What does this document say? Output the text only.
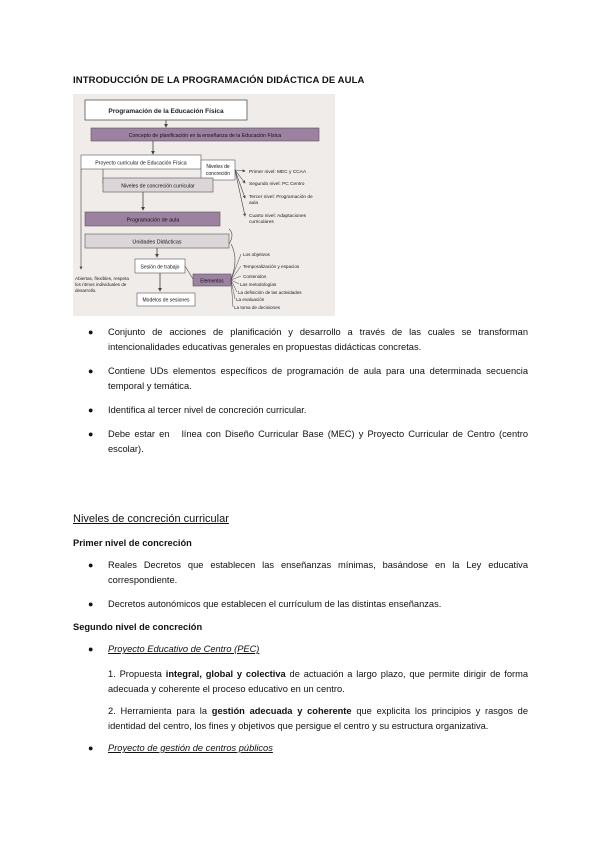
INTRODUCCIÓN DE LA PROGRAMACIÓN DIDÁCTICA DE AULA
Programación de la Educación Física
Concepto de planificación en la enseñanza de la Educación Física
Proyecto curricular de Educación Física
Niveles de
concreción	Primer nivel: MEC y CCAA
Segundo nivel: PC Centro
Tercer nivel: Programación de
aula
Cuarto nivel: Adaptaciones
curriculares
Niveles de concreción curricular
Programación de aula
Unidades Didácticas
Sesión de trabajo
Modelos de sesiones
Elementos
Los objetivos
Temporalización y espacios
Contenidos
Las metodologías
La definición de las actividades
La evaluación
La toma de decisiones
Abiertas, flexibles, respeta
los ritmos individuales de
desarrollo.

● Conjunto de acciones de planificación y desarrollo a través de las cuales se transforman intencionalidades educativas generales en propuestas didácticas concretas.

● Contiene UDs elementos específicos de programación de aula para una determinada secuencia temporal y temática.

● Identifica al tercer nivel de concreción curricular.

● Debe estar en   línea con Diseño Curricular Base (MEC) y Proyecto Curricular de Centro (centro escolar).

Niveles de concreción curricular
Primer nivel de concreción

● Reales Decretos que establecen las enseñanzas mínimas, basándose en la Ley educativa correspondiente.

● Decretos autonómicos que establecen el currículum de las distintas enseñanzas.

Segundo nivel de concreción

● Proyecto Educativo de Centro (PEC)

1. Propuesta integral, global y colectiva de actuación a largo plazo, que permite dirigir de forma adecuada y coherente el proceso educativo en un centro.
2. Herramienta para la gestión adecuada y coherente que explicita los principios y rasgos de identidad del centro, los fines y objetivos que persigue el centro y su estructura organizativa.

● Proyecto de gestión de centros públicos
